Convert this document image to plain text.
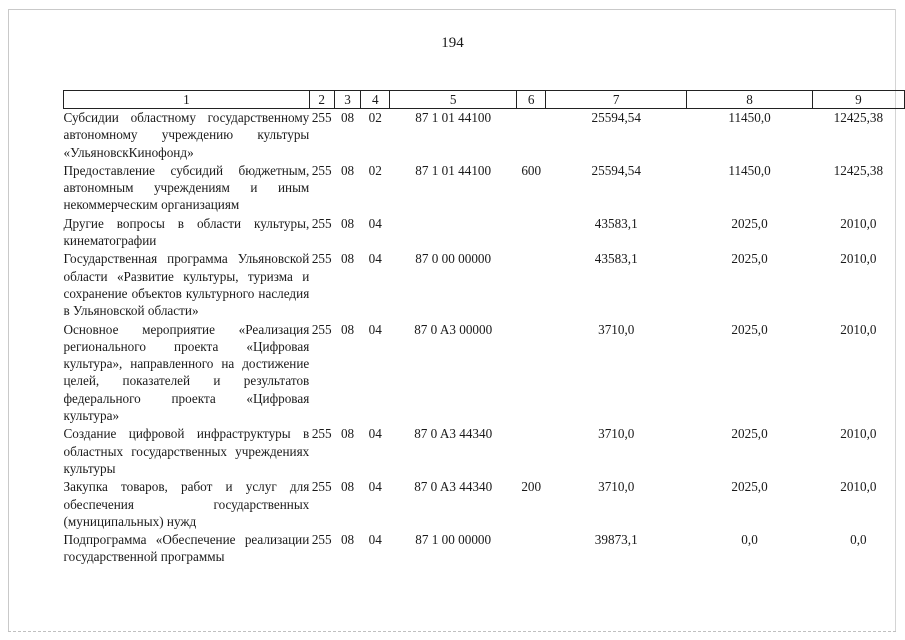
194
1	2	3	4	5	6	7	8	9
Субсидии областному государственному автономному учреждению культуры «УльяновскКинофонд»	255	08	02	87 1 01 44100		25594,54	11450,0	12425,38
Предоставление субсидий бюджетным, автономным учреждениям и иным некоммерческим организациям	255	08	02	87 1 01 44100	600	25594,54	11450,0	12425,38
Другие вопросы в области культуры, кинематографии	255	08	04			43583,1	2025,0	2010,0
Государственная программа Ульяновской области «Развитие культуры, туризма и сохранение объектов культурного наследия в Ульяновской области»	255	08	04	87 0 00 00000		43583,1	2025,0	2010,0
Основное мероприятие «Реализация регионального проекта «Цифровая культура», направленного на достижение целей, показателей и результатов федерального проекта «Цифровая культура»	255	08	04	87 0 A3 00000		3710,0	2025,0	2010,0
Создание цифровой инфраструктуры в областных государственных учреждениях культуры	255	08	04	87 0 A3 44340		3710,0	2025,0	2010,0
Закупка товаров, работ и услуг для обеспечения государственных (муниципальных) нужд	255	08	04	87 0 A3 44340	200	3710,0	2025,0	2010,0
Подпрограмма «Обеспечение реализации государственной программы	255	08	04	87 1 00 00000		39873,1	0,0	0,0
